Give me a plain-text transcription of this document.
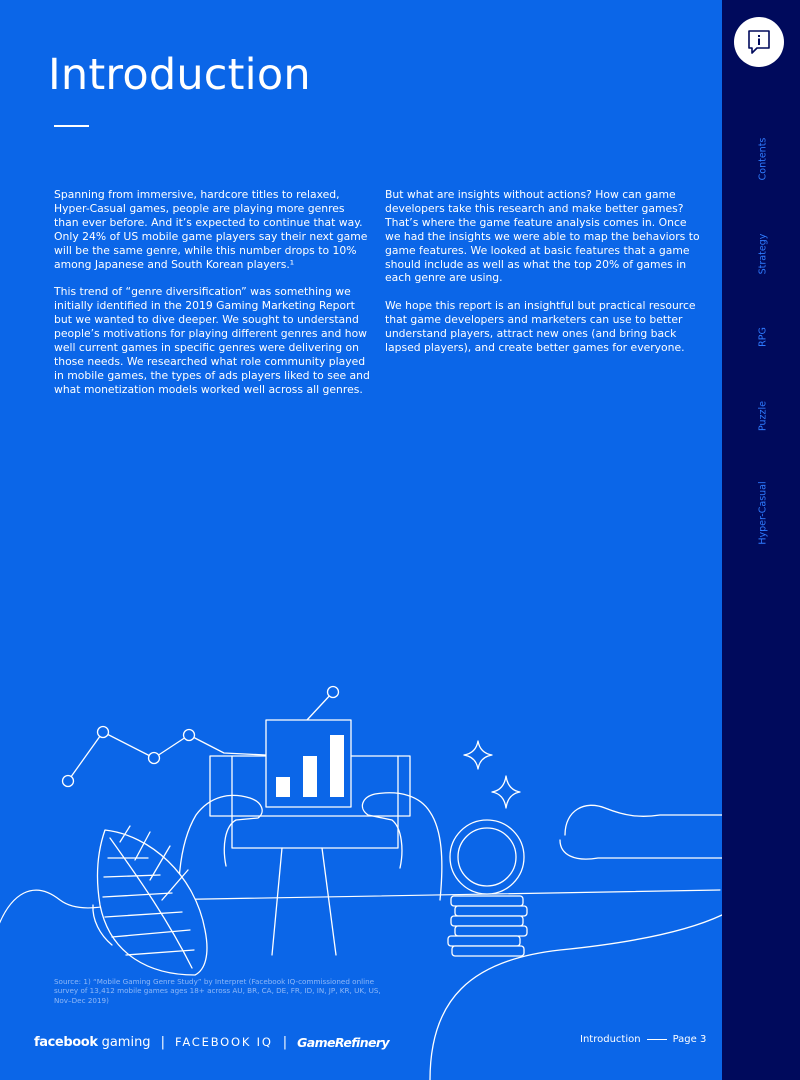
Introduction

Spanning from immersive, hardcore titles to relaxed, Hyper-Casual games, people are playing more genres than ever before. And it’s expected to continue that way. Only 24% of US mobile game players say their next game will be the same genre, while this number drops to 10% among Japanese and South Korean players.¹

This trend of “genre diversification” was something we initially identified in the 2019 Gaming Marketing Report but we wanted to dive deeper. We sought to understand people’s motivations for playing different genres and how well current games in specific genres were delivering on those needs. We researched what role community played in mobile games, the types of ads players liked to see and what monetization models worked well across all genres.

But what are insights without actions? How can game developers take this research and make better games? That’s where the game feature analysis comes in. Once we had the insights we were able to map the behaviors to game features. We looked at basic features that a game should include as well as what the top 20% of games in each genre are using.

We hope this report is an insightful but practical resource that game developers and marketers can use to better understand players, attract new ones (and bring back lapsed players), and create better games for everyone.

Source: 1) “Mobile Gaming Genre Study” by Interpret (Facebook IQ-commissioned online survey of 13,412 mobile games ages 18+ across AU, BR, CA, DE, FR, ID, IN, JP, KR, UK, US, Nov–Dec 2019)
facebook gaming | FACEBOOK IQ | GameRefinery	Introduction	Page 3
Contents
Strategy
RPG
Puzzle
Hyper-Casual
